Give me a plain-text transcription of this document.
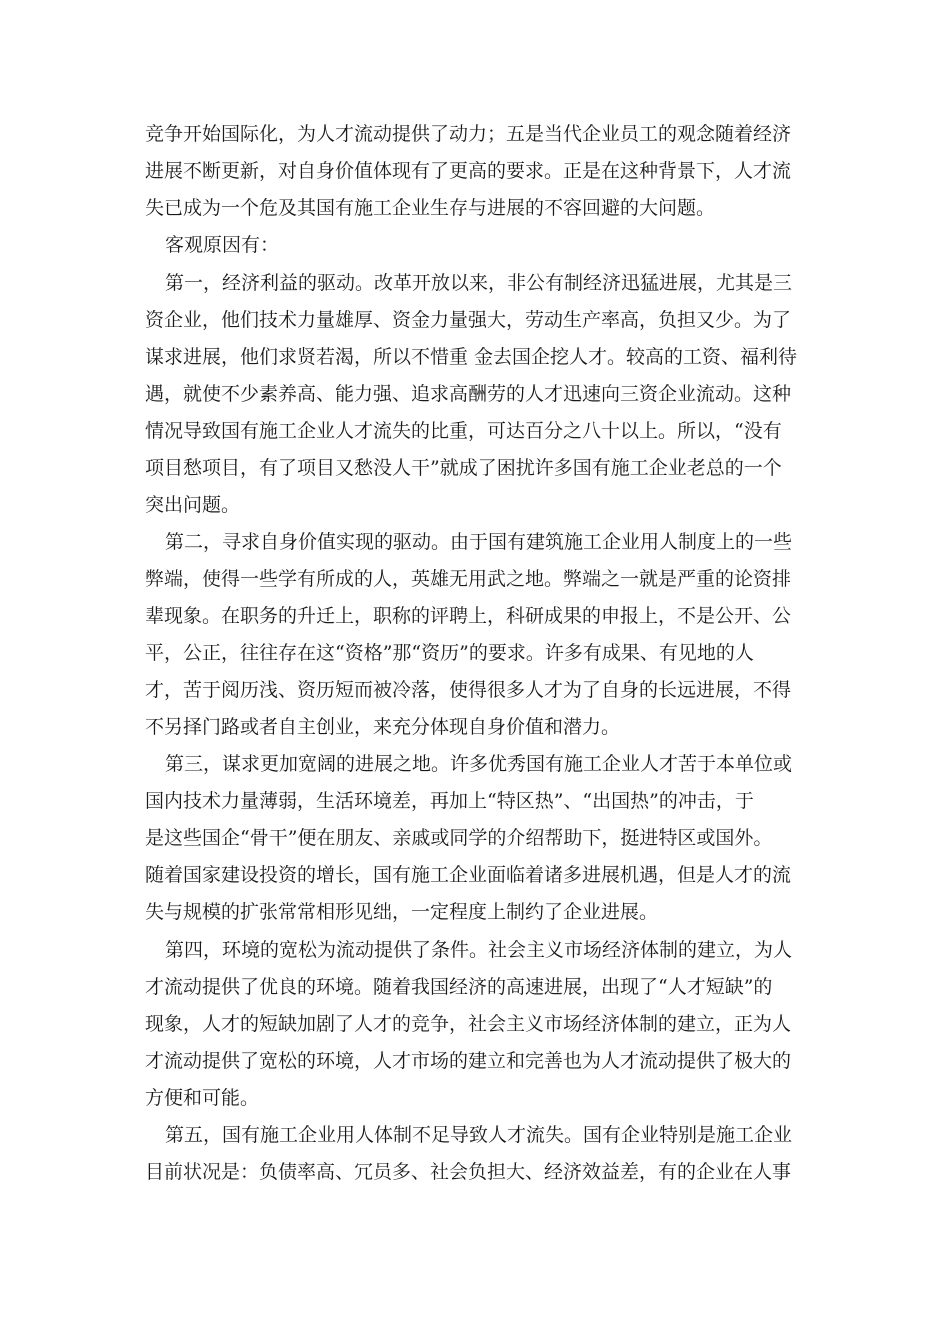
竞争开始国际化，为人才流动提供了动力；五是当代企业员工的观念随着经济
进展不断更新，对自身价值体现有了更高的要求。正是在这种背景下，人才流
失已成为一个危及其国有施工企业生存与进展的不容回避的大问题。
客观原因有：
第一，经济利益的驱动。改革开放以来，非公有制经济迅猛进展，尤其是三
资企业，他们技术力量雄厚、资金力量强大，劳动生产率高，负担又少。为了
谋求进展，他们求贤若渴，所以不惜重 金去国企挖人才。较高的工资、福利待
遇，就使不少素养高、能力强、追求高酬劳的人才迅速向三资企业流动。这种
情况导致国有施工企业人才流失的比重，可达百分之八十以上。所以，“没有
项目愁项目，有了项目又愁没人干”就成了困扰许多国有施工企业老总的一个
突出问题。
第二，寻求自身价值实现的驱动。由于国有建筑施工企业用人制度上的一些
弊端，使得一些学有所成的人，英雄无用武之地。弊端之一就是严重的论资排
辈现象。在职务的升迁上，职称的评聘上，科研成果的申报上，不是公开、公
平，公正，往往存在这“资格”那“资历”的要求。许多有成果、有见地的人
才，苦于阅历浅、资历短而被冷落，使得很多人才为了自身的长远进展，不得
不另择门路或者自主创业，来充分体现自身价值和潜力。
第三，谋求更加宽阔的进展之地。许多优秀国有施工企业人才苦于本单位或
国内技术力量薄弱，生活环境差，再加上“特区热”、“出国热”的冲击，于
是这些国企“骨干”便在朋友、亲戚或同学的介绍帮助下，挺进特区或国外。
随着国家建设投资的增长，国有施工企业面临着诸多进展机遇，但是人才的流
失与规模的扩张常常相形见绌，一定程度上制约了企业进展。
第四，环境的宽松为流动提供了条件。社会主义市场经济体制的建立，为人
才流动提供了优良的环境。随着我国经济的高速进展，出现了“人才短缺”的
现象，人才的短缺加剧了人才的竞争，社会主义市场经济体制的建立，正为人
才流动提供了宽松的环境，人才市场的建立和完善也为人才流动提供了极大的
方便和可能。
第五，国有施工企业用人体制不足导致人才流失。国有企业特别是施工企业
目前状况是：负债率高、冗员多、社会负担大、经济效益差，有的企业在人事
